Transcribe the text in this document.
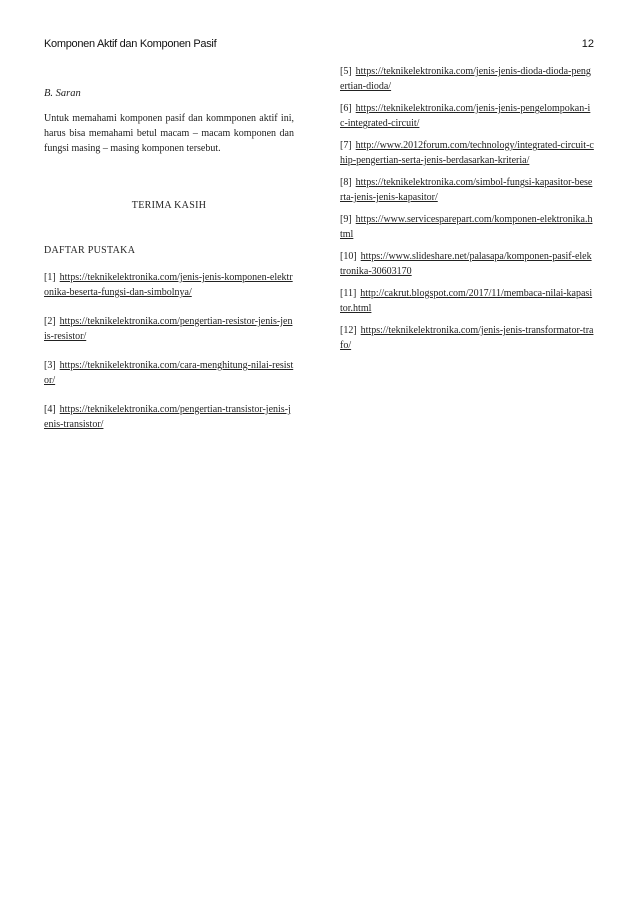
Komponen Aktif dan Komponen Pasif	12
B. Saran
Untuk memahami komponen pasif dan kommponen aktif ini, harus bisa memahami betul macam – macam komponen dan fungsi masing – masing komponen tersebut.
TERIMA KASIH
DAFTAR PUSTAKA
[1] https://teknikelektronika.com/jenis-jenis-komponen-elektronika-beserta-fungsi-dan-simbolnya/
[2] https://teknikelektronika.com/pengertian-resistor-jenis-jenis-resistor/
[3] https://teknikelektronika.com/cara-menghitung-nilai-resistor/
[4] https://teknikelektronika.com/pengertian-transistor-jenis-jenis-transistor/
[5] https://teknikelektronika.com/jenis-jenis-dioda-dioda-pengertian-dioda/
[6] https://teknikelektronika.com/jenis-jenis-pengelompokan-ic-integrated-circuit/
[7] http://www.2012forum.com/technology/integrated-circuit-chip-pengertian-serta-jenis-berdasarkan-kriteria/
[8] https://teknikelektronika.com/simbol-fungsi-kapasitor-beserta-jenis-jenis-kapasitor/
[9] https://www.servicesparepart.com/komponen-elektronika.html
[10] https://www.slideshare.net/palasapa/komponen-pasif-elektronika-30603170
[11] http://cakrut.blogspot.com/2017/11/membaca-nilai-kapasitor.html
[12] https://teknikelektronika.com/jenis-jenis-transformator-trafo/
